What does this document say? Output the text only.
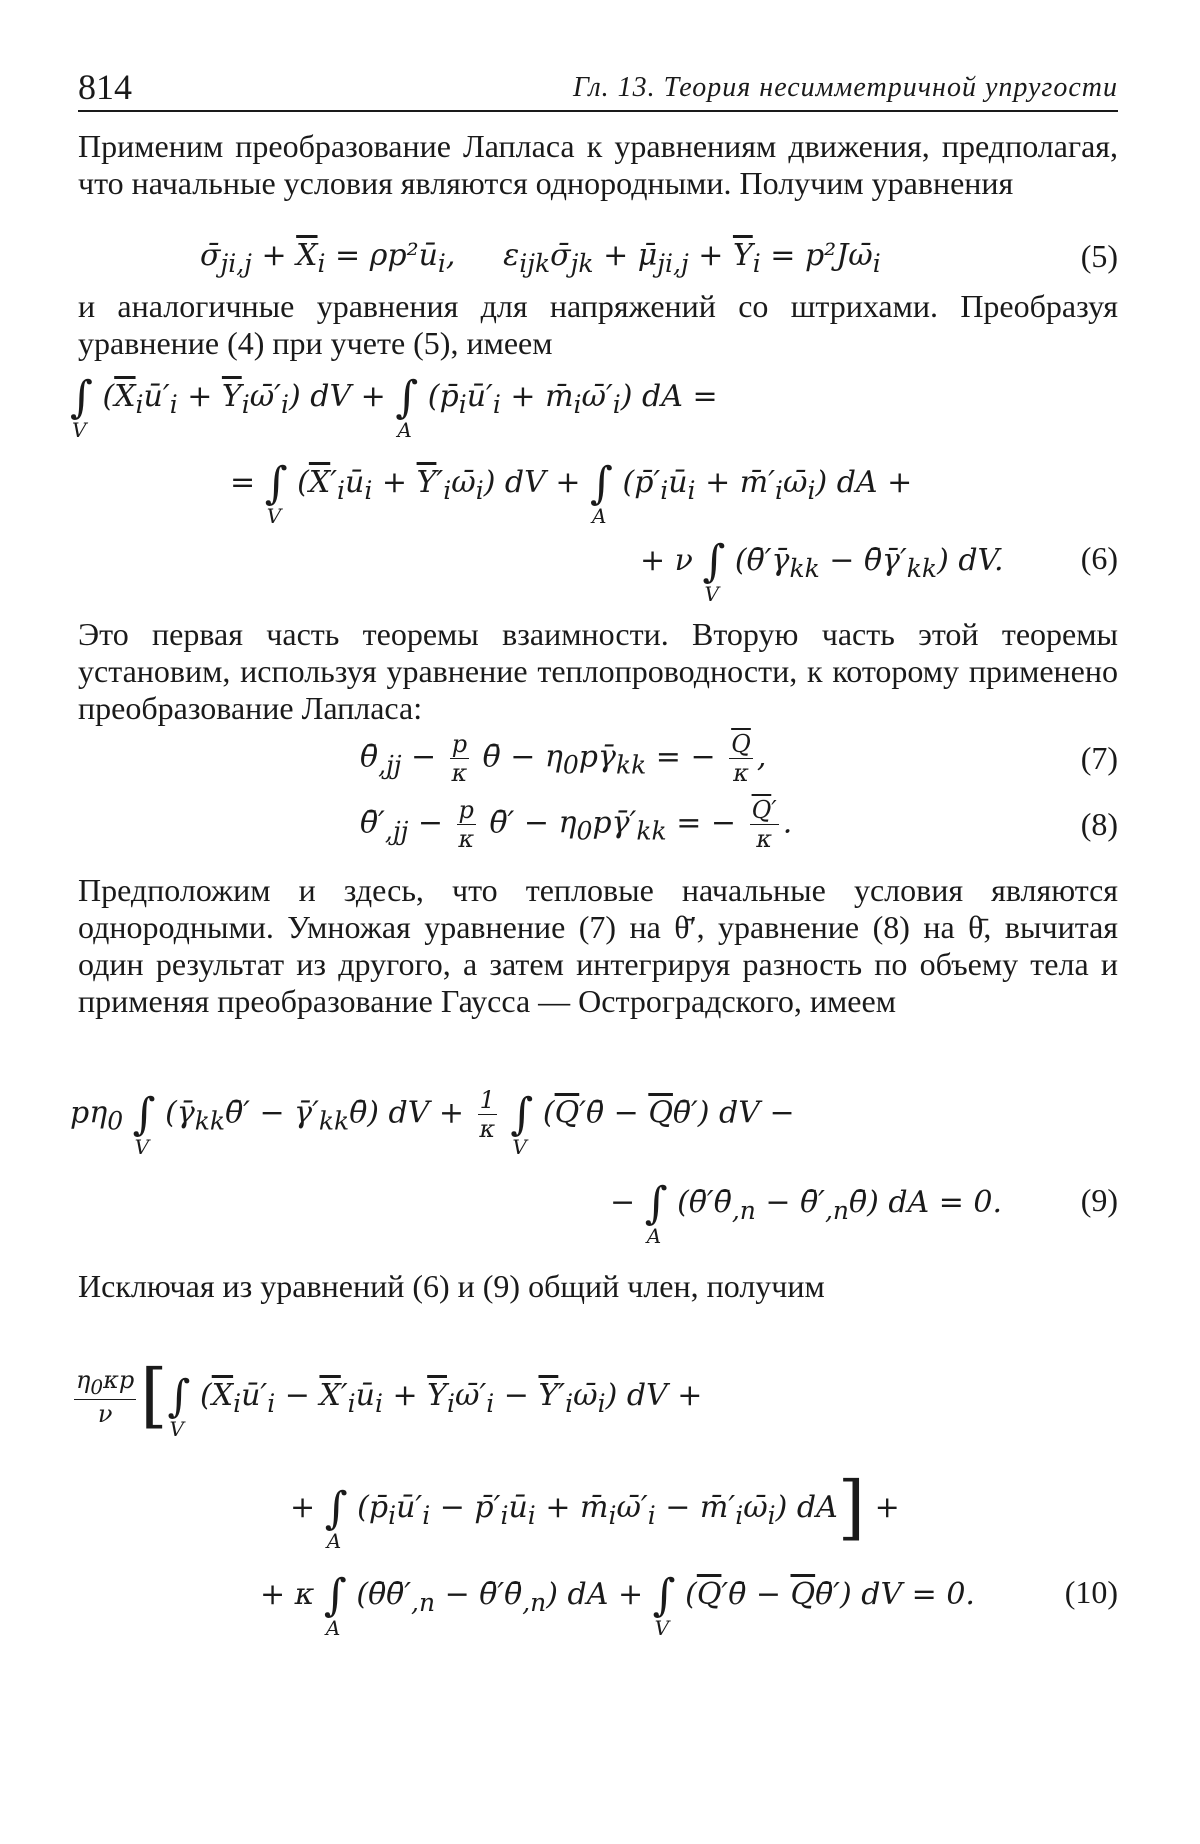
814	Гл. 13. Теория несимметричной упругости

Применим преобразование Лапласа к уравнениям движения, предполагая, что начальные условия являются однородными. Получим уравнения

$\sigmā_{ji,j} + \overline{X}_i$ = $\rho p^2ū_i$,     $\varepsilon_{ijk}\sigmā_{jk}$ + $\mū_{ji,j} + \overline{Y}_i$ = $p^2J\omegā_i$	(5)

и аналогичные уравнения для напряжений со штрихами. Преобразуя уравнение (4) при учете (5), имеем

∫
V
($\overline{X}_iū'_i$ + $\overline{Y}_i\omegā'_i$) dV + ∫
A
($p̄_iū'_i$ + $m̄_i\omegā'_i$) dA =
= ∫
V
($\overline{X}'_iū_i$ + $\overline{Y}'_i\omegā_i$) dV + ∫
A
($p̄'_iū_i$ + $m̄'_i\omegā_i$) dA +
+ ν ∫
V
($\thetā'\gammā_{kk}$ − $\thetā\gammā'_{kk}$) dV. (6)

Это первая часть теоремы взаимности. Вторую часть этой теоремы установим, используя уравнение теплопроводности, к которому применено преобразование Лапласа:

$\thetā_{,jj} - \frac{p}{\kappa}$ θ̄ − $\eta_0p\gammā_{kk}$ = − $\frac{\overline{Q}}{\kappa}$ ,	(7)
$\thetā'_{,jj} - \frac{p}{\kappa}$ θ̄′ − $\eta_0p\gammā'_{kk}$ = − $\frac{\overline{Q}'}{\kappa}$ .	(8)

Предположим и здесь, что тепловые начальные условия являются однородными. Умножая уравнение (7) на θ̄′, уравнение (8) на θ̄, вычитая один результат из другого, а затем интегрируя разность по объему тела и применяя преобразование Гаусса — Остроградского, имеем

$p\eta_0$ ∫
V
($\gammā_{kk}\thetā'$ − $\gammā'_{kk}\thetā$) dV + $\frac{1}{\kappa}$ ∫
V
($\overline{Q}'\thetā$ − $\overline{Q}\thetā'$) dV −
− ∫
A
($\thetā'\thetā_{,n}$ − $\thetā'_{,n}\thetā$) dA = 0. (9)

Исключая из уравнений (6) и (9) общий член, получим

$\frac{\eta_0\kappa p}{\nu}$ [∫
V
($\overline{X}_iū'_i$ − $\overline{X}'_iū_i$ + $\overline{Y}_i\omegā'_i$ − $\overline{Y}'_i\omegā_i$) dV +
+ ∫
A
($p̄_iū'_i$ − $p̄'_iū_i$ + $m̄_i\omegā'_i$ − $m̄'_i\omegā_i$) dA] +
+ κ ∫
A
($\thetā\thetā'_{,n}$ − $\thetā'\thetā_{,n}$) dA + ∫
V
($\overline{Q}'\thetā$ − $\overline{Q}\thetā'$) dV = 0.	(10)
